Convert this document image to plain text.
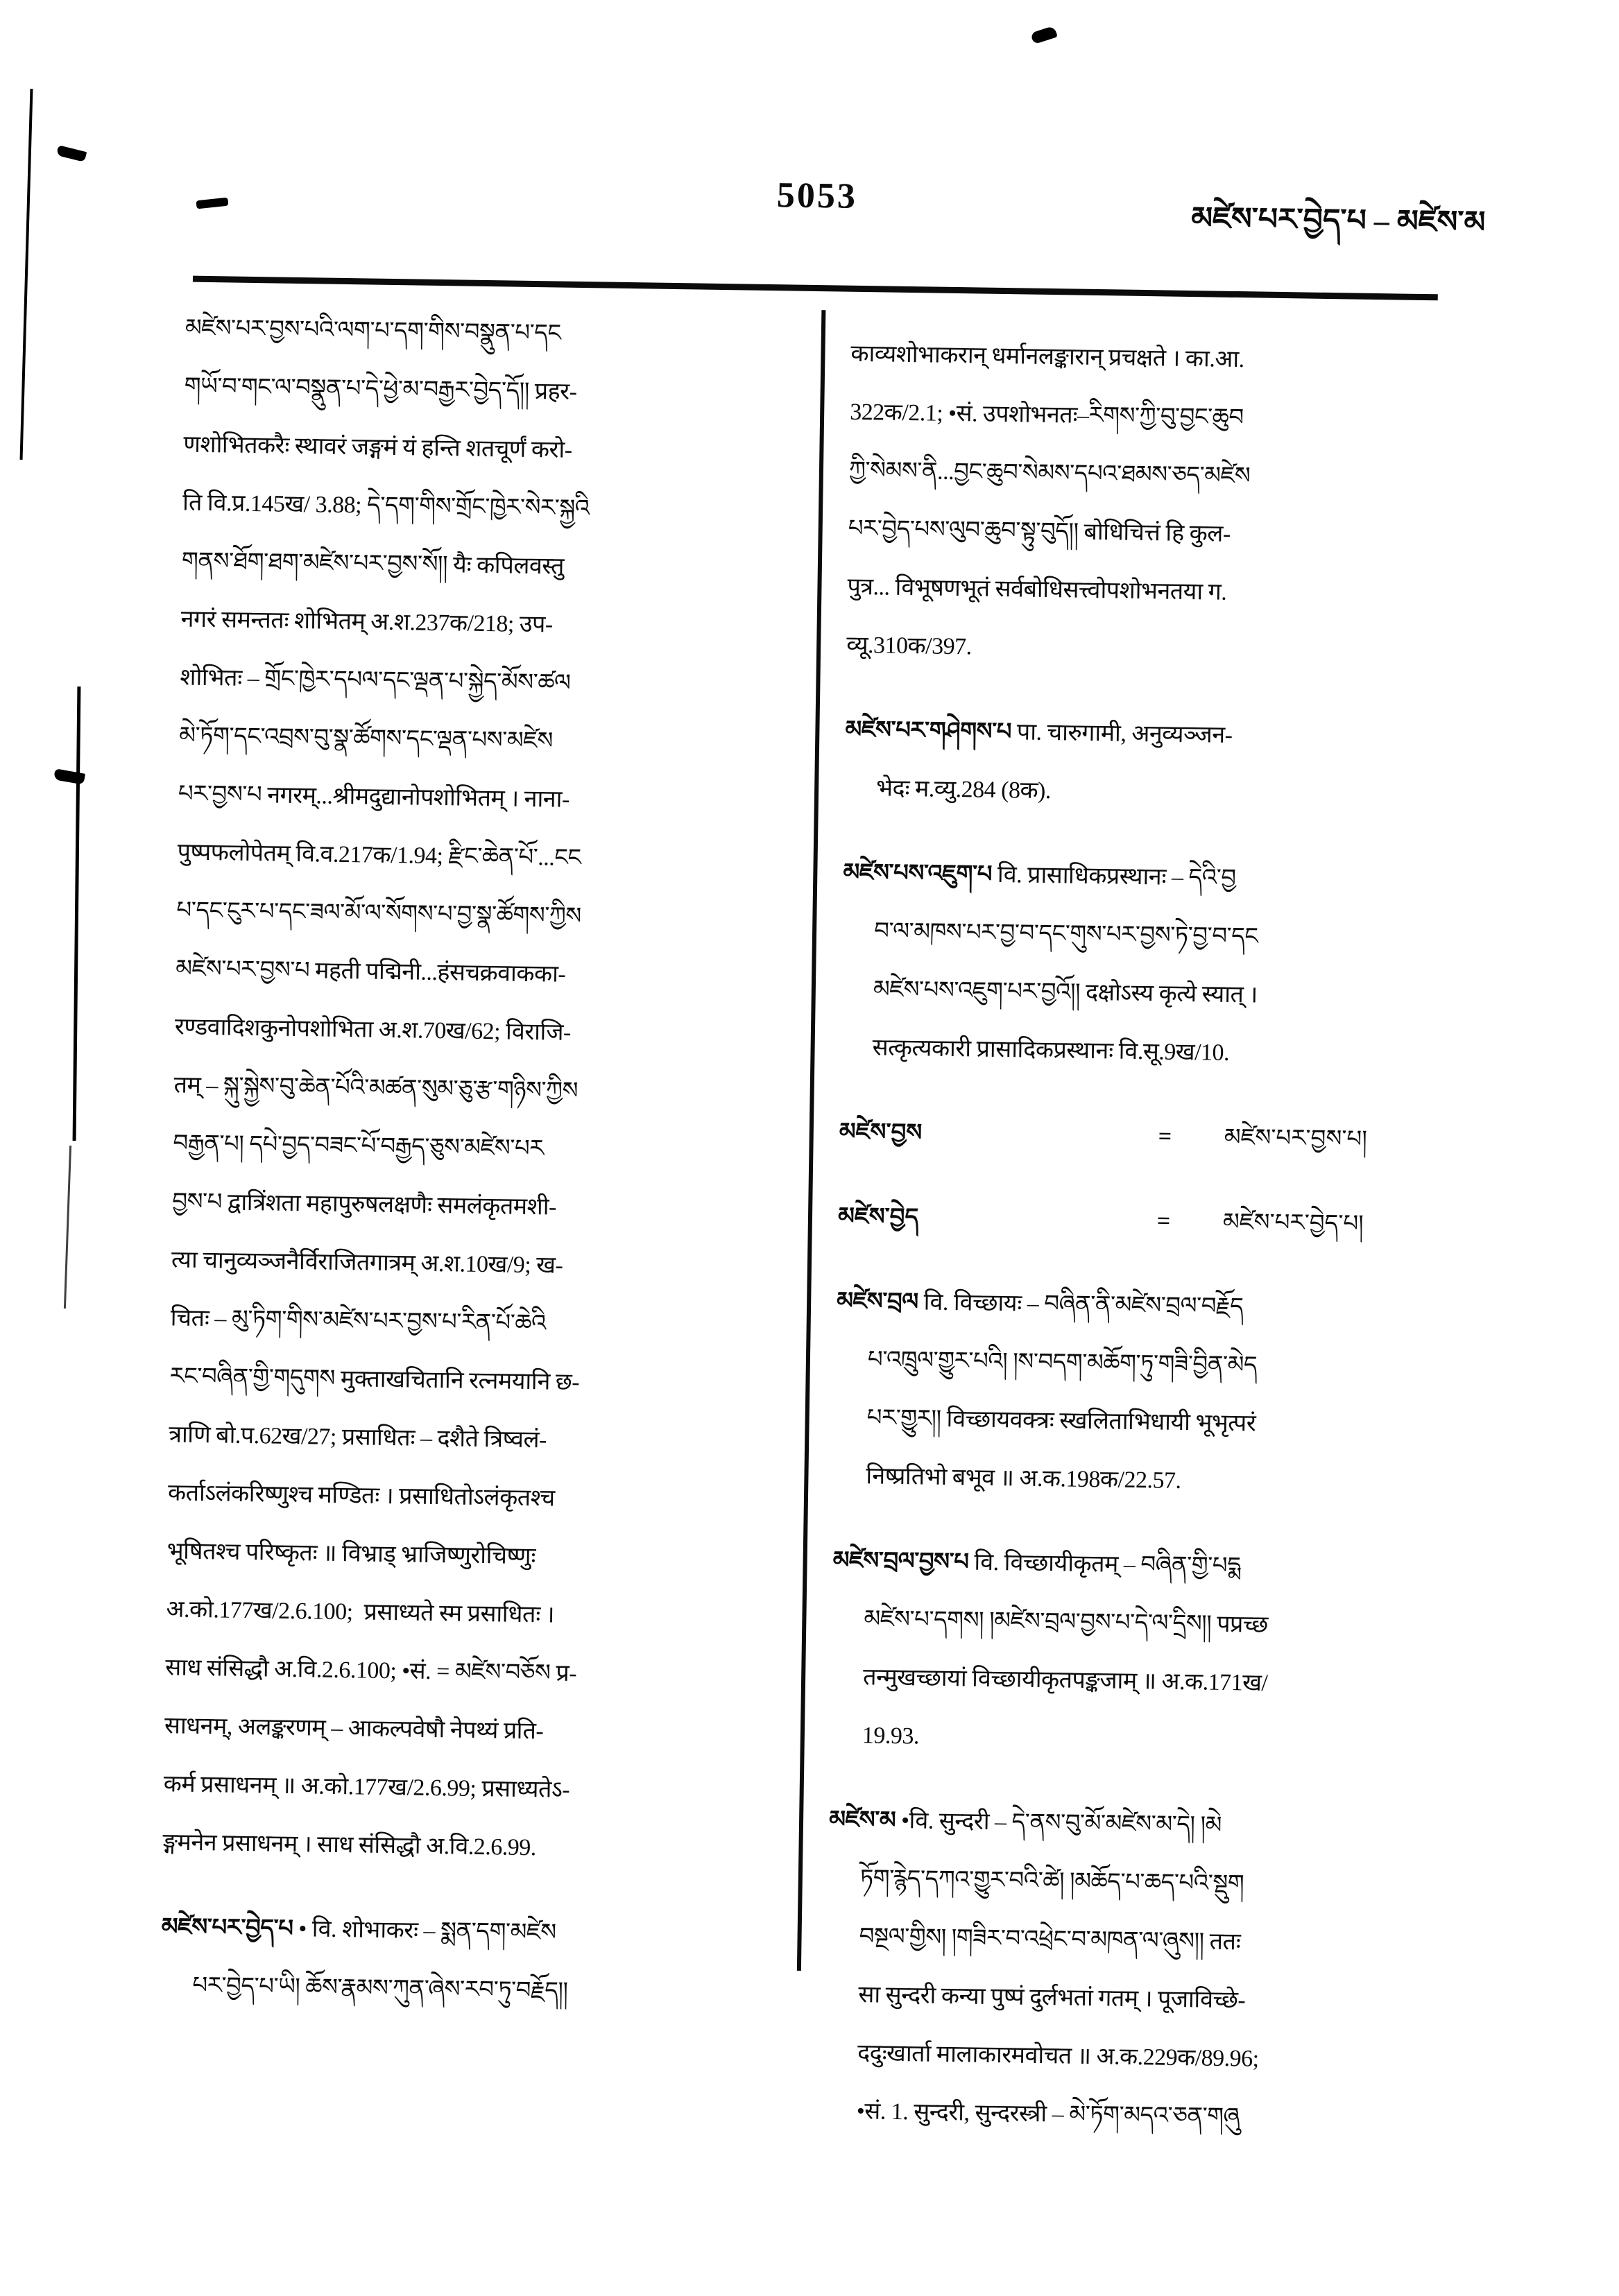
5053
མཛེས་པར་བྱེད་པ – མཛེས་མ
མཛེས་པར་བྱས་པའི་ལག་པ་དག་གིས་བསྣུན་པ་དང
གཡོ་བ་གང་ལ་བསྣུན་པ་དེ་ཕྱེ་མ་བརྒྱར་བྱེད་དོ།། प्रहर-
णशोभितकरैः स्थावरं जङ्गमं यं हन्ति शतचूर्णं करो-
ति वि.प्र.145ख/ 3.88; དེ་དག་གིས་གྲོང་ཁྱེར་སེར་སྐྱའི
གནས་ཐོག་ཐག་མཛེས་པར་བྱས་སོ།། यैः कपिलवस्तु
नगरं समन्ततः शोभितम् अ.श.237क/218; उप-
शोभितः – གྲོང་ཁྱེར་དཔལ་དང་ལྡན་པ་སྐྱེད་མོས་ཚལ
མེ་ཏོག་དང་འབྲས་བུ་སྣ་ཚོགས་དང་ལྡན་པས་མཛེས
པར་བྱས་པ नगरम्...श्रीमदुद्यानोपशोभितम् । नाना-
पुष्पफलोपेतम् वि.व.217क/1.94; རྫིང་ཆེན་པོ་...ངང
པ་དང་ངུར་པ་དང་ཟལ་མོ་ལ་སོགས་པ་བྱ་སྣ་ཚོགས་ཀྱིས
མཛེས་པར་བྱས་པ महती पद्मिनी...हंसचक्रवाकका-
रण्डवादिशकुनोपशोभिता अ.श.70ख/62; विराजि-
तम् – སྐུ་སྐྱེས་བུ་ཆེན་པོའི་མཚན་སུམ་ཅུ་རྩ་གཉིས་ཀྱིས
བརྒྱན་པ། དཔེ་བྱད་བཟང་པོ་བརྒྱད་ཅུས་མཛེས་པར
བྱས་པ द्वात्रिंशता महापुरुषलक्षणैः समलंकृतमशी-
त्या चानुव्यञ्जनैर्विराजितगात्रम् अ.श.10ख/9; ख-
चितः – མུ་ཏིག་གིས་མཛེས་པར་བྱས་པ་རིན་པོ་ཆེའི
རང་བཞིན་གྱི་གདུགས मुक्ताखचितानि रत्नमयानि छ-
त्राणि बो.प.62ख/27; प्रसाधितः – दशैते त्रिष्वलं-
कर्ताऽलंकरिष्णुश्च मण्डितः । प्रसाधितोऽलंकृतश्च
भूषितश्च परिष्कृतः ॥ विभ्राड् भ्राजिष्णुरोचिष्णुः
अ.को.177ख/2.6.100;  प्रसाध्यते स्म प्रसाधितः ।
साध संसिद्धौ अ.वि.2.6.100; •सं. = མཛེས་བཅོས प्र-
साधनम्, अलङ्करणम् – आकल्पवेषौ नेपथ्यं प्रति-
कर्म प्रसाधनम् ॥ अ.को.177ख/2.6.99; प्रसाध्यतेऽ-
ङ्गमनेन प्रसाधनम् । साध संसिद्धौ अ.वि.2.6.99.
མཛེས་པར་བྱེད་པ • वि. शोभाकरः – སྨན་དག་མཛེས
པར་བྱེད་པ་ཡི། ཆོས་རྣམས་ཀུན་ཞེས་རབ་ཏུ་བརྗོད།།
काव्यशोभाकरान् धर्मानलङ्कारान् प्रचक्षते । का.आ.
322क/2.1; •सं. उपशोभनतः–རིགས་ཀྱི་བུ་བྱང་ཆུབ
ཀྱི་སེམས་ནི...བྱང་ཆུབ་སེམས་དཔའ་ཐམས་ཅད་མཛེས
པར་བྱེད་པས་ལུབ་ཆུབ་སྟུ་བུདོ།། बोधिचित्तं हि कुल-
पुत्र... विभूषणभूतं सर्वबोधिसत्त्वोपशोभनतया ग.
व्यू.310क/397.
མཛེས་པར་གཤེགས་པ पा. चारुगामी, अनुव्यञ्जन-
भेदः म.व्यु.284 (8क).
མཛེས་པས་འཇུག་པ वि. प्रासाधिकप्रस्थानः – དེའི་བྱ
བ་ལ་མཁས་པར་བྱ་བ་དང་གུས་པར་བྱས་ཏེ་བྱ་བ་དང
མཛེས་པས་འཇུག་པར་བྱའོ།། दक्षोऽस्य कृत्ये स्यात् ।
सत्कृत्यकारी प्रासादिकप्रस्थानः वि.सू.9ख/10.
མཛེས་བྱས	=	མཛེས་པར་བྱས་པ།
མཛེས་བྱེད	=	མཛེས་པར་བྱེད་པ།
མཛེས་བྲལ वि. विच्छायः – བཞིན་ནི་མཛེས་བྲལ་བརྗོད
པ་འཁྲུལ་གྱུར་པའི། །ས་བདག་མཆོག་ཏུ་གཟི་བྱིན་མེད
པར་གྱུར།། विच्छायवक्त्रः स्खलिताभिधायी भूभृत्परं
निष्प्रतिभो बभूव ॥ अ.क.198क/22.57.
མཛེས་བྲལ་བྱས་པ वि. विच्छायीकृतम् – བཞིན་གྱི་པདྨ
མཛེས་པ་དགས། །མཛེས་བྲལ་བྱས་པ་དེ་ལ་དྲིས།། पप्रच्छ
तन्मुखच्छायां विच्छायीकृतपङ्कजाम् ॥ अ.क.171ख/
19.93.
མཛེས་མ •वि. सुन्दरी – དེ་ནས་བུ་མོ་མཛེས་མ་དེ། །མེ
ཏོག་རྙེད་དཀའ་གྱུར་བའི་ཚེ། །མཆོད་པ་ཆད་པའི་སྡུག
བསྔལ་གྱིས། །གཟིར་བ་འཕྲེང་བ་མཁན་ལ་ཞུས།། ततः
सा सुन्दरी कन्या पुष्पं दुर्लभतां गतम् । पूजाविच्छे-
ददुःखार्ता मालाकारमवोचत ॥ अ.क.229क/89.96;
•सं. 1. सुन्दरी, सुन्दरस्त्री – མེ་ཏོག་མདའ་ཅན་གཞུ
